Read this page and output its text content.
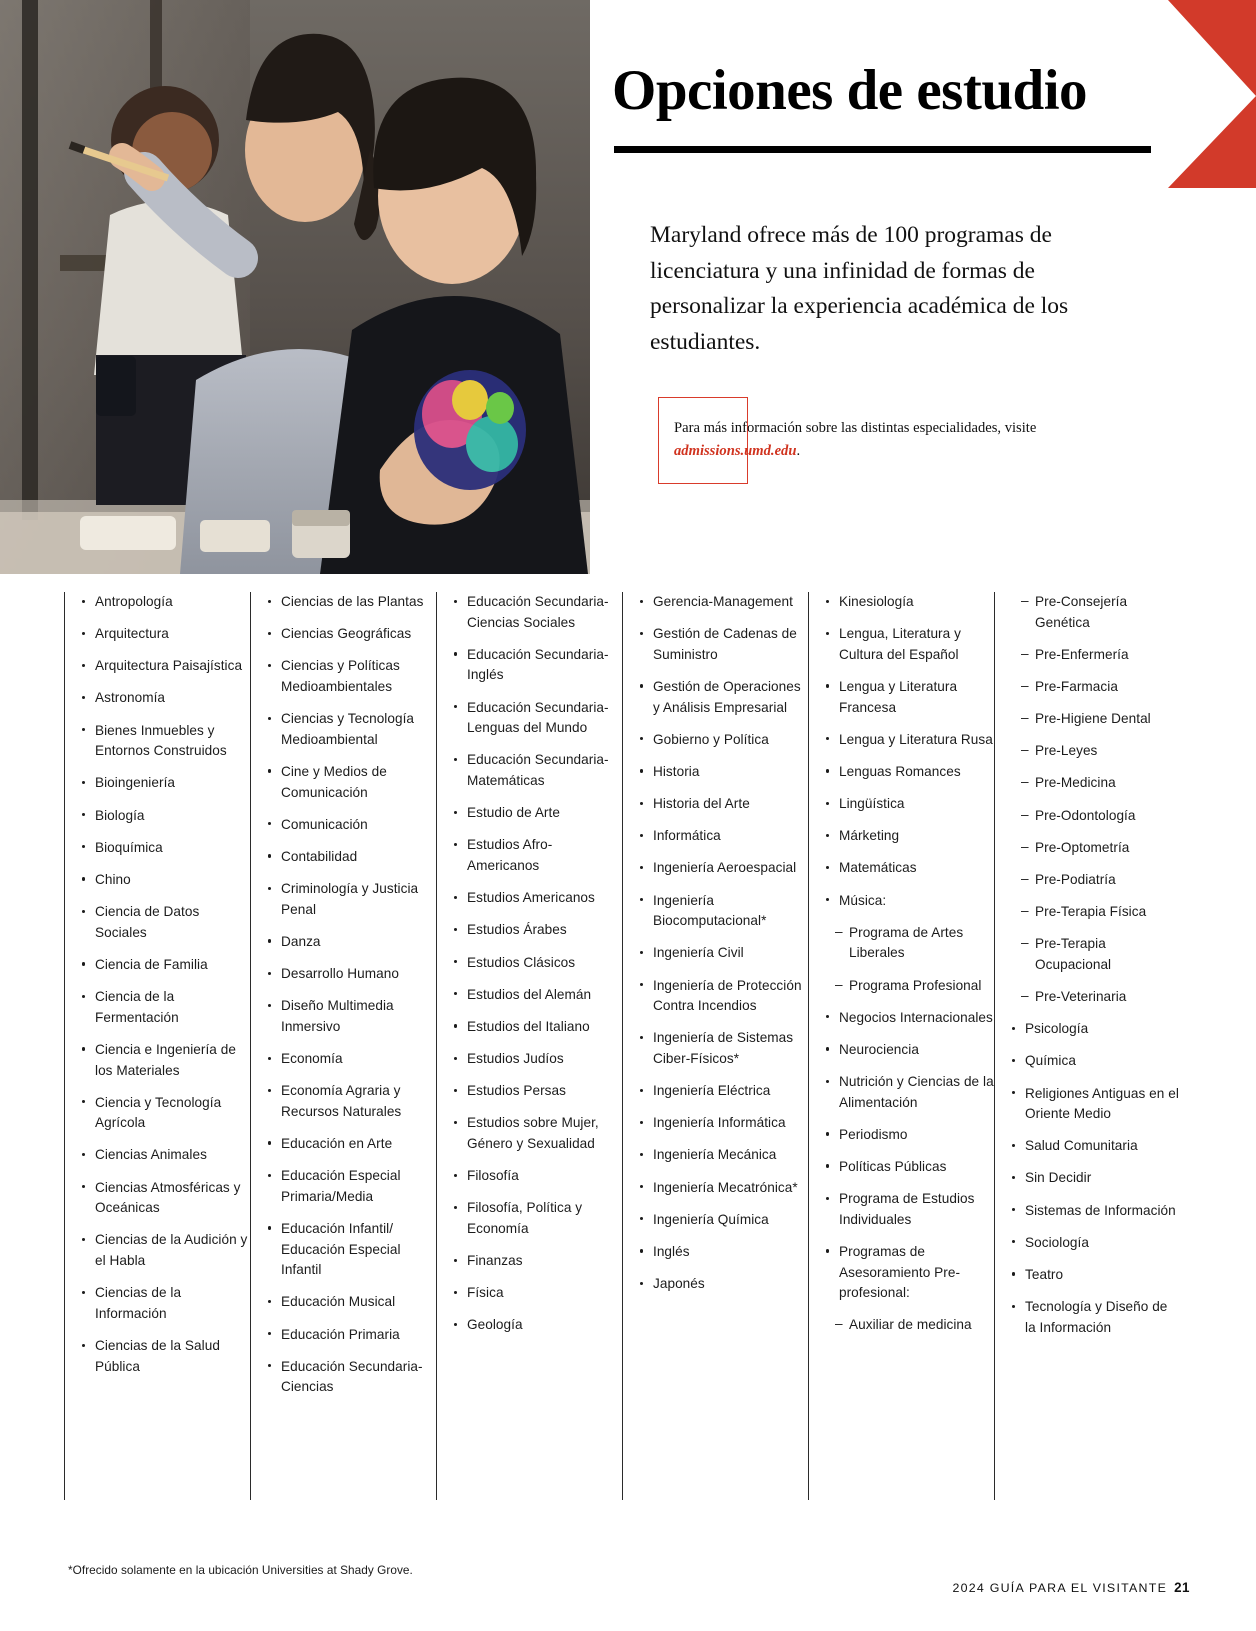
Opciones de estudio
Maryland ofrece más de 100 programas de licenciatura y una infinidad de formas de personalizar la experiencia académica de los estudiantes.
Para más información sobre las distintas especialidades, visite admissions.umd.edu.
Antropología
Arquitectura
Arquitectura Paisajística
Astronomía
Bienes Inmuebles y Entornos Construidos
Bioingeniería
Biología
Bioquímica
Chino
Ciencia de Datos Sociales
Ciencia de Familia
Ciencia de la Fermentación
Ciencia e Ingeniería de los Materiales
Ciencia y Tecnología Agrícola
Ciencias Animales
Ciencias Atmosféricas y Oceánicas
Ciencias de la Audición y el Habla
Ciencias de la Información
Ciencias de la Salud Pública
Ciencias de las Plantas
Ciencias Geográficas
Ciencias y Políticas Medioambientales
Ciencias y Tecnología Medioambiental
Cine y Medios de Comunicación
Comunicación
Contabilidad
Criminología y Justicia Penal
Danza
Desarrollo Humano
Diseño Multimedia Inmersivo
Economía
Economía Agraria y Recursos Naturales
Educación en Arte
Educación Especial Primaria/Media
Educación Infantil/ Educación Especial Infantil
Educación Musical
Educación Primaria
Educación Secundaria-Ciencias
Educación Secundaria- Ciencias Sociales
Educación Secundaria-Inglés
Educación Secundaria- Lenguas del Mundo
Educación Secundaria- Matemáticas
Estudio de Arte
Estudios Afro-Americanos
Estudios Americanos
Estudios Árabes
Estudios Clásicos
Estudios del Alemán
Estudios del Italiano
Estudios Judíos
Estudios Persas
Estudios sobre Mujer, Género y Sexualidad
Filosofía
Filosofía, Política y Economía
Finanzas
Física
Geología
Gerencia-Management
Gestión de Cadenas de Suministro
Gestión de Operaciones y Análisis Empresarial
Gobierno y Política
Historia
Historia del Arte
Informática
Ingeniería Aeroespacial
Ingeniería Biocomputacional*
Ingeniería Civil
Ingeniería de Protección Contra Incendios
Ingeniería de Sistemas Ciber-Físicos*
Ingeniería Eléctrica
Ingeniería Informática
Ingeniería Mecánica
Ingeniería Mecatrónica*
Ingeniería Química
Inglés
Japonés
Kinesiología
Lengua, Literatura y Cultura del Español
Lengua y Literatura Francesa
Lengua y Literatura Rusa
Lenguas Romances
Lingüística
Márketing
Matemáticas
Música:
– Programa de Artes Liberales
– Programa Profesional
Negocios Internacionales
Neurociencia
Nutrición y Ciencias de la Alimentación
Periodismo
Políticas Públicas
Programa de Estudios Individuales
Programas de Asesoramiento Pre-profesional:
– Auxiliar de medicina
– Pre-Consejería Genética
– Pre-Enfermería
– Pre-Farmacia
– Pre-Higiene Dental
– Pre-Leyes
– Pre-Medicina
– Pre-Odontología
– Pre-Optometría
– Pre-Podiatría
– Pre-Terapia Física
– Pre-Terapia Ocupacional
– Pre-Veterinaria
Psicología
Química
Religiones Antiguas en el Oriente Medio
Salud Comunitaria
Sin Decidir
Sistemas de Información
Sociología
Teatro
Tecnología y Diseño de la Información
*Ofrecido solamente en la ubicación Universities at Shady Grove.
2024 GUÍA PARA EL VISITANTE 21
